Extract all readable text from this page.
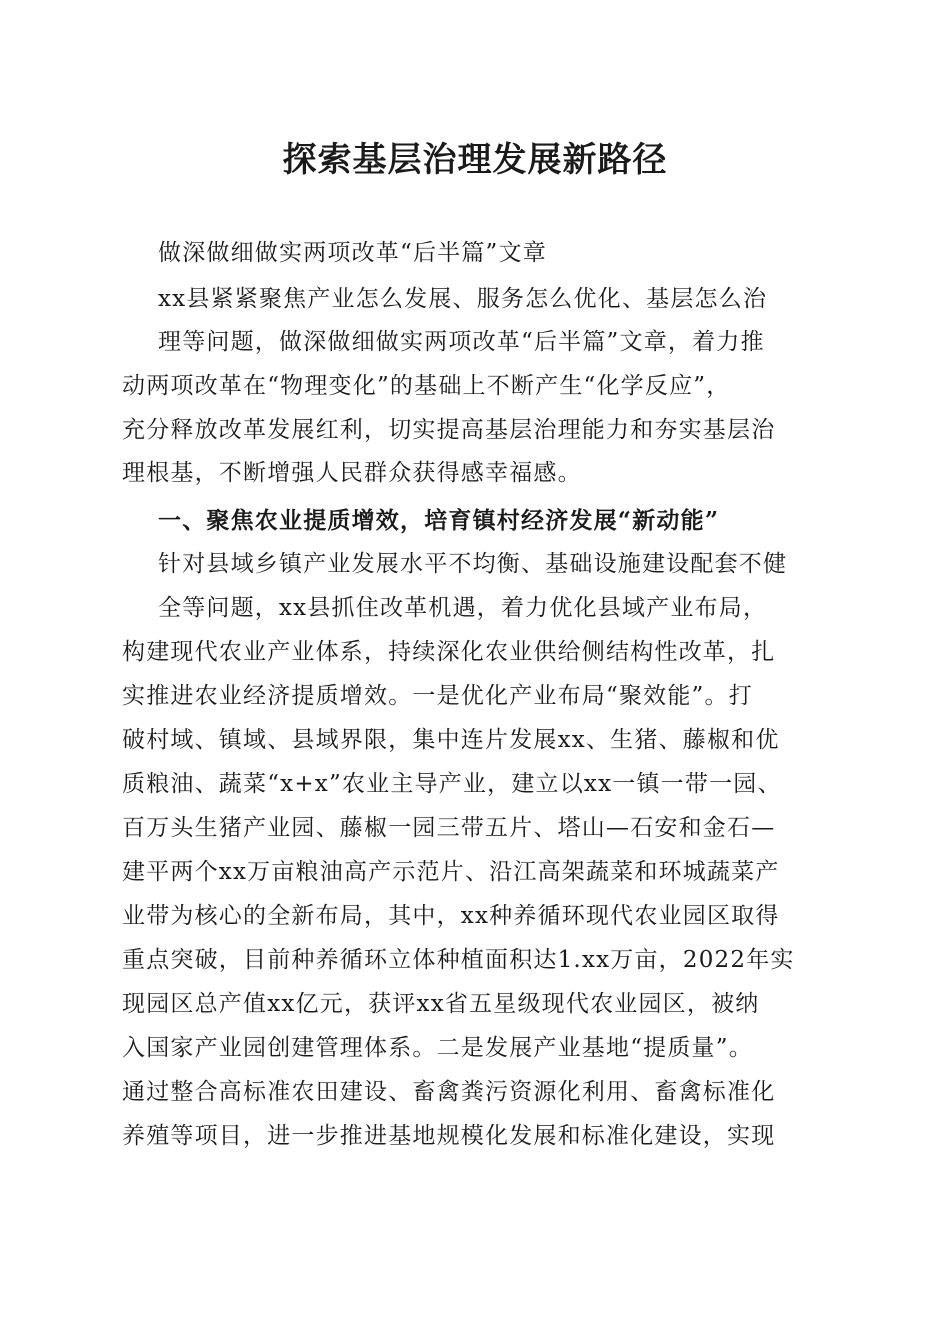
探索基层治理发展新路径
做深做细做实两项改革“后半篇”文章
xx县紧紧聚焦产业怎么发展、服务怎么优化、基层怎么治
理等问题，做深做细做实两项改革“后半篇”文章，着力推
动两项改革在“物理变化”的基础上不断产生“化学反应”，
充分释放改革发展红利，切实提高基层治理能力和夯实基层治
理根基，不断增强人民群众获得感幸福感。
一、聚焦农业提质增效，培育镇村经济发展“新动能”
针对县域乡镇产业发展水平不均衡、基础设施建设配套不健
全等问题，xx县抓住改革机遇，着力优化县域产业布局，
构建现代农业产业体系，持续深化农业供给侧结构性改革，扎
实推进农业经济提质增效。一是优化产业布局“聚效能”。打
破村域、镇域、县域界限，集中连片发展xx、生猪、藤椒和优
质粮油、蔬菜“x+x”农业主导产业，建立以xx一镇一带一园、
百万头生猪产业园、藤椒一园三带五片、塔山—石安和金石—
建平两个xx万亩粮油高产示范片、沿江高架蔬菜和环城蔬菜产
业带为核心的全新布局，其中，xx种养循环现代农业园区取得
重点突破，目前种养循环立体种植面积达1.xx万亩，2022年实
现园区总产值xx亿元，获评xx省五星级现代农业园区，被纳
入国家产业园创建管理体系。二是发展产业基地“提质量”。
通过整合高标准农田建设、畜禽粪污资源化利用、畜禽标准化
养殖等项目，进一步推进基地规模化发展和标准化建设，实现
